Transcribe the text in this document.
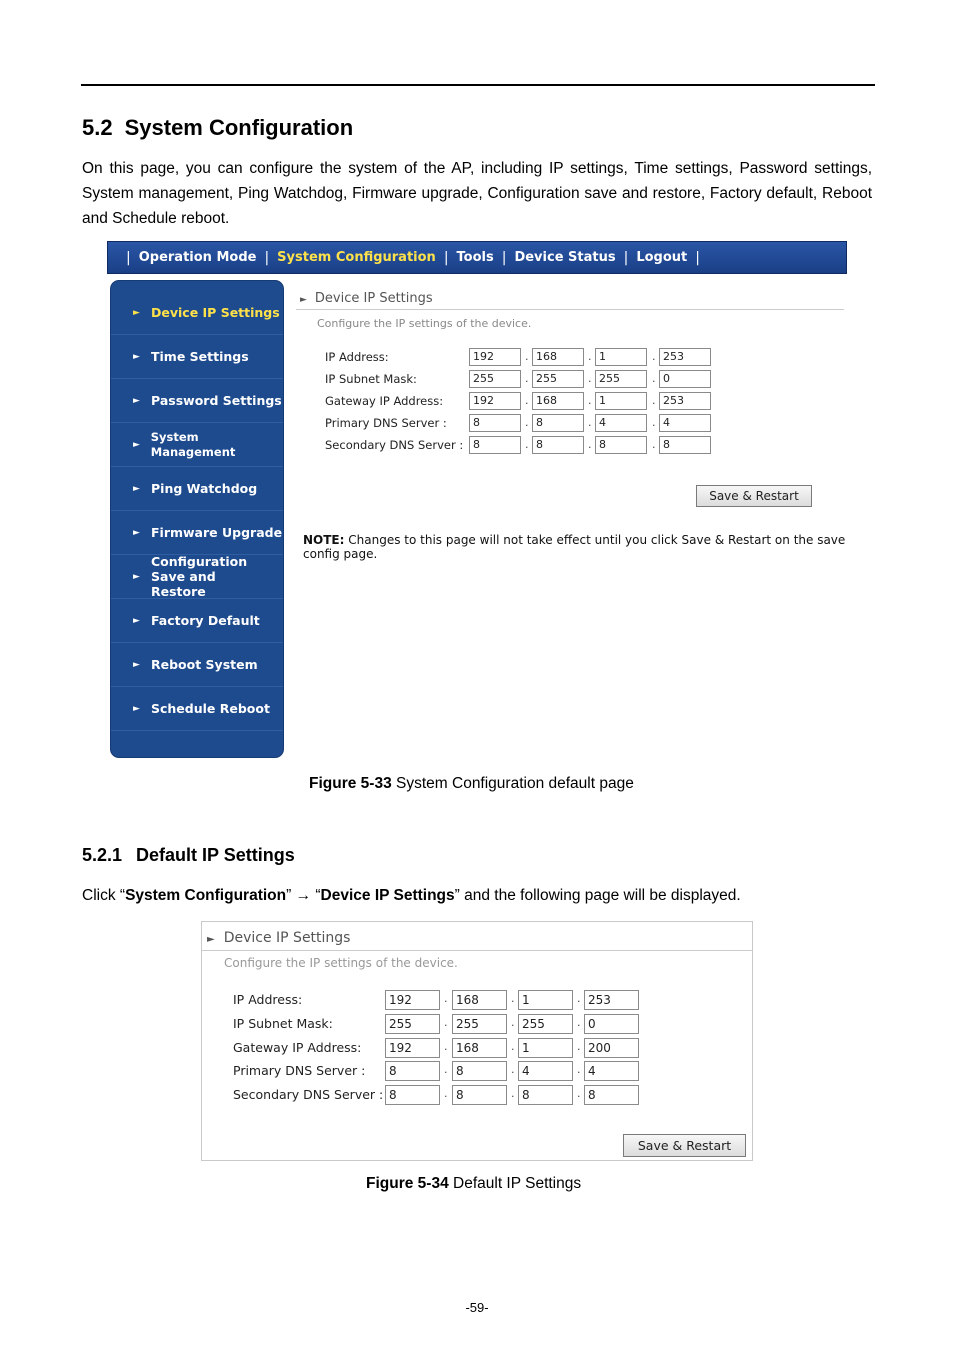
5.2 System Configuration
On this page, you can configure the system of the AP, including IP settings, Time settings, Password settings, System management, Ping Watchdog, Firmware upgrade, Configuration save and restore, Factory default, Reboot and Schedule reboot.
| Operation Mode | System Configuration | Tools | Device Status | Logout |
► Device IP Settings
► Time Settings
► Password Settings
►
System Management
► Ping Watchdog
► Firmware Upgrade
►
Configuration Save and Restore
► Factory Default
► Reboot System
► Schedule Reboot
► Device IP Settings
Configure the IP settings of the device.
IP Address:	192	. 168	. 1	. 253
IP Subnet Mask:	255	. 255	. 255	. 0
Gateway IP Address:	192	. 168	. 1	. 253
Primary DNS Server :	8	. 8	. 4	. 4
Secondary DNS Server : 8	. 8	. 8	. 8
Save & Restart
NOTE: Changes to this page will not take effect until you click Save & Restart on the save config page.
Figure 5-33 System Configuration default page
5.2.1 Default IP Settings
Click “System Configuration” → “Device IP Settings” and the following page will be displayed.
► Device IP Settings
Configure the IP settings of the device.
IP Address:	192	. 168	. 1	. 253
IP Subnet Mask:	255	. 255	. 255	. 0
Gateway IP Address:	192	. 168	. 1	. 200
Primary DNS Server :	8	. 8	. 4	. 4
Secondary DNS Server : 8	. 8	. 8	. 8
Save & Restart
Figure 5-34 Default IP Settings
-59-
